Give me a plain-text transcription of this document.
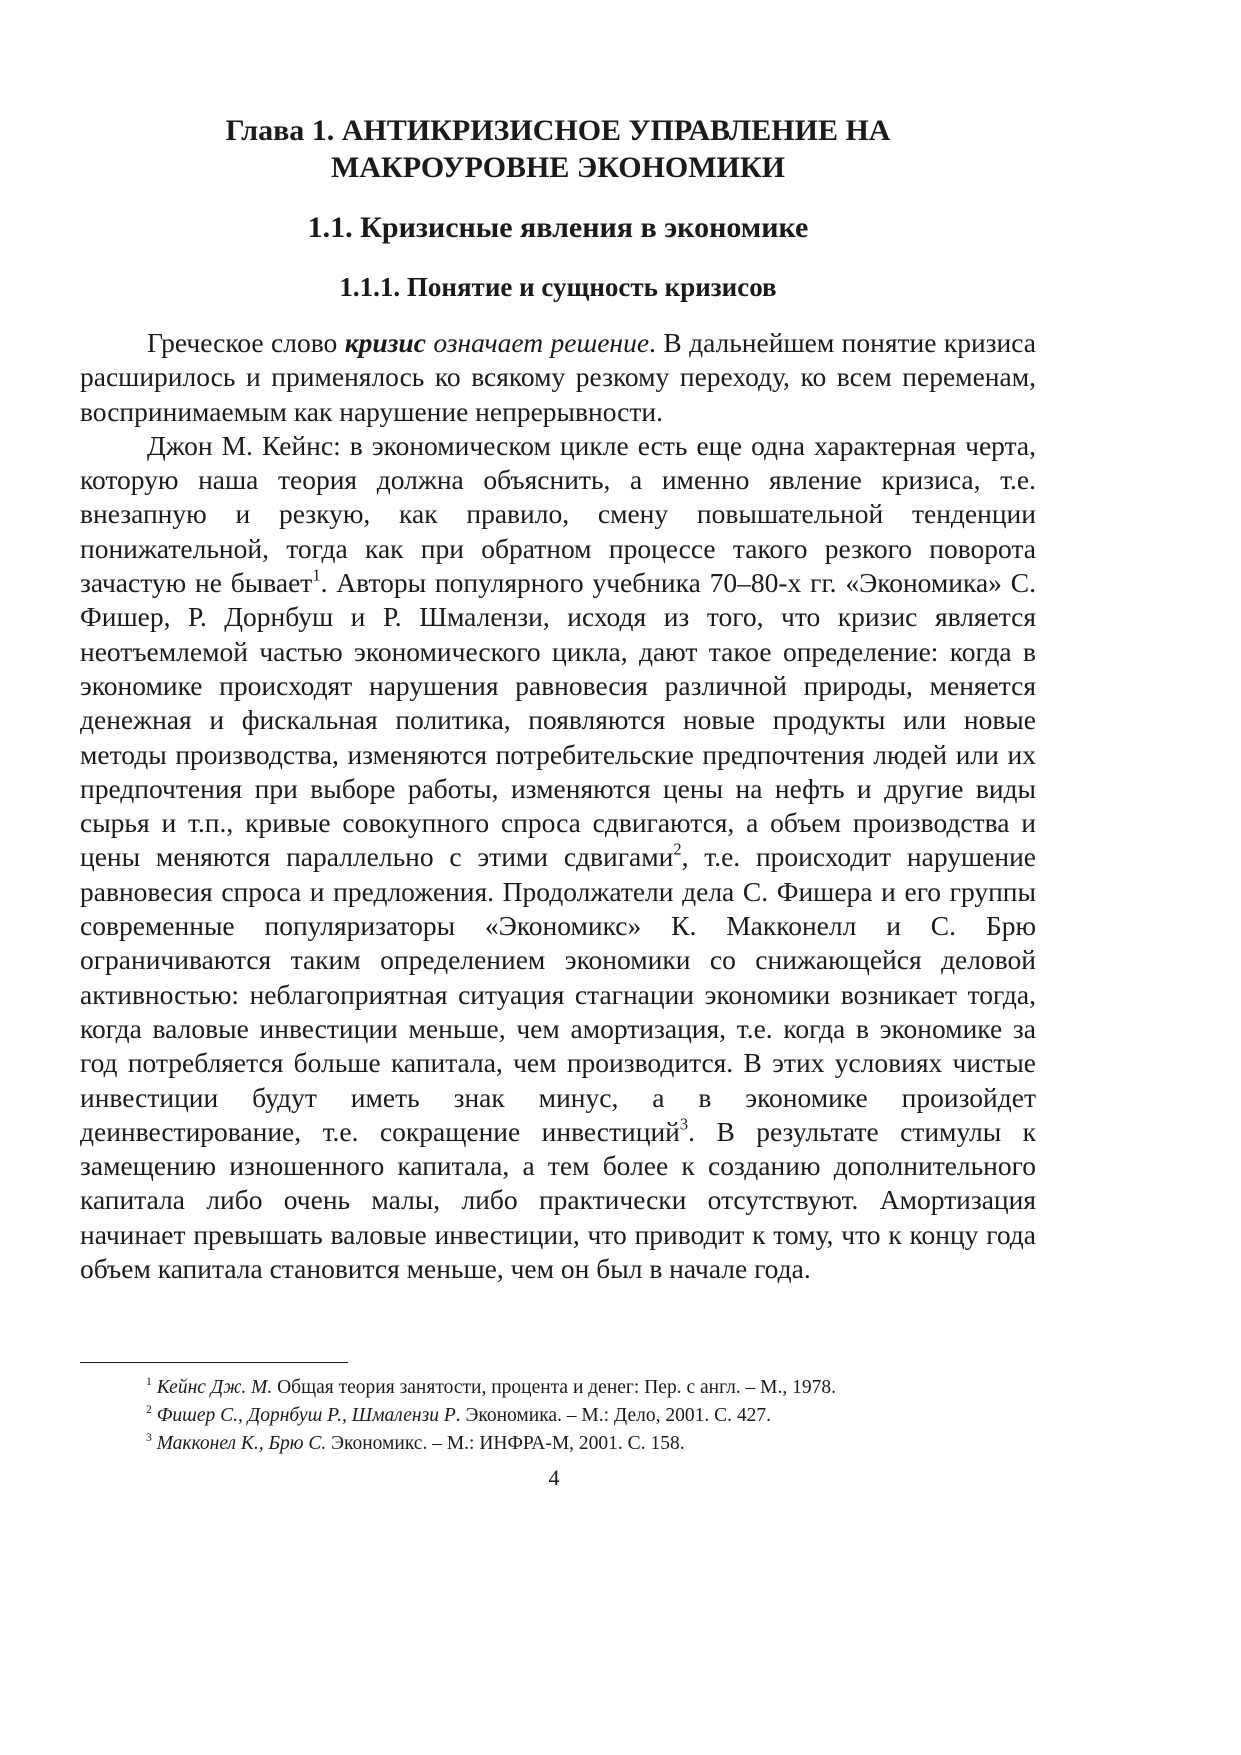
Глава 1. АНТИКРИЗИСНОЕ УПРАВЛЕНИЕ НА
МАКРОУРОВНЕ ЭКОНОМИКИ
1.1. Кризисные явления в экономике
1.1.1. Понятие и сущность кризисов

Греческое слово кризис означает решение. В дальнейшем понятие кризиса расширилось и применялось ко всякому резкому переходу, ко всем переменам, воспринимаемым как нарушение непрерывности.

Джон М. Кейнс: в экономическом цикле есть еще одна характерная черта, которую наша теория должна объяснить, а именно явление кризиса, т.е. внезапную и резкую, как правило, смену повышательной тенденции понижательной, тогда как при обратном процессе такого резкого поворота зачастую не бывает$^1$. Авторы популярного учебника 70–80-х гг. «Экономика» С. Фишер, Р. Дорнбуш и Р. Шмалензи, исходя из того, что кризис является неотъемлемой частью экономического цикла, дают такое определение: когда в экономике происходят нарушения равновесия различной природы, меняется денежная и фискальная политика, появляются новые продукты или новые методы производства, изменяются потребительские предпочтения людей или их предпочтения при выборе работы, изменяются цены на нефть и другие виды сырья и т.п., кривые совокупного спроса сдвигаются, а объем производства и цены меняются параллельно с этими сдвигами$^2$, т.е. происходит нарушение равновесия спроса и предложения. Продолжатели дела С. Фишера и его группы современные популяризаторы «Экономикс» К. Макконелл и С. Брю ограничиваются таким определением экономики со снижающейся деловой активностью: неблагоприятная ситуация стагнации экономики возникает тогда, когда валовые инвестиции меньше, чем амортизация, т.е. когда в экономике за год потребляется больше капитала, чем производится. В этих условиях чистые инвестиции будут иметь знак минус, а в экономике произойдет деинвестирование, т.е. сокращение инвестиций$^3$. В результате стимулы к замещению изношенного капитала, а тем более к созданию дополнительного капитала либо очень малы, либо практически отсутствуют. Амортизация начинает превышать валовые инвестиции, что приводит к тому, что к концу года объем капитала становится меньше, чем он был в начале года.

$^1$ Кейнс Дж. М. Общая теория занятости, процента и денег: Пер. с англ. – М., 1978.

$^2$ Фишер С., Дорнбуш Р., Шмалензи Р. Экономика. – М.: Дело, 2001. С. 427.

$^3$ Макконел К., Брю С. Экономикс. – М.: ИНФРА-М, 2001. С. 158.

4
